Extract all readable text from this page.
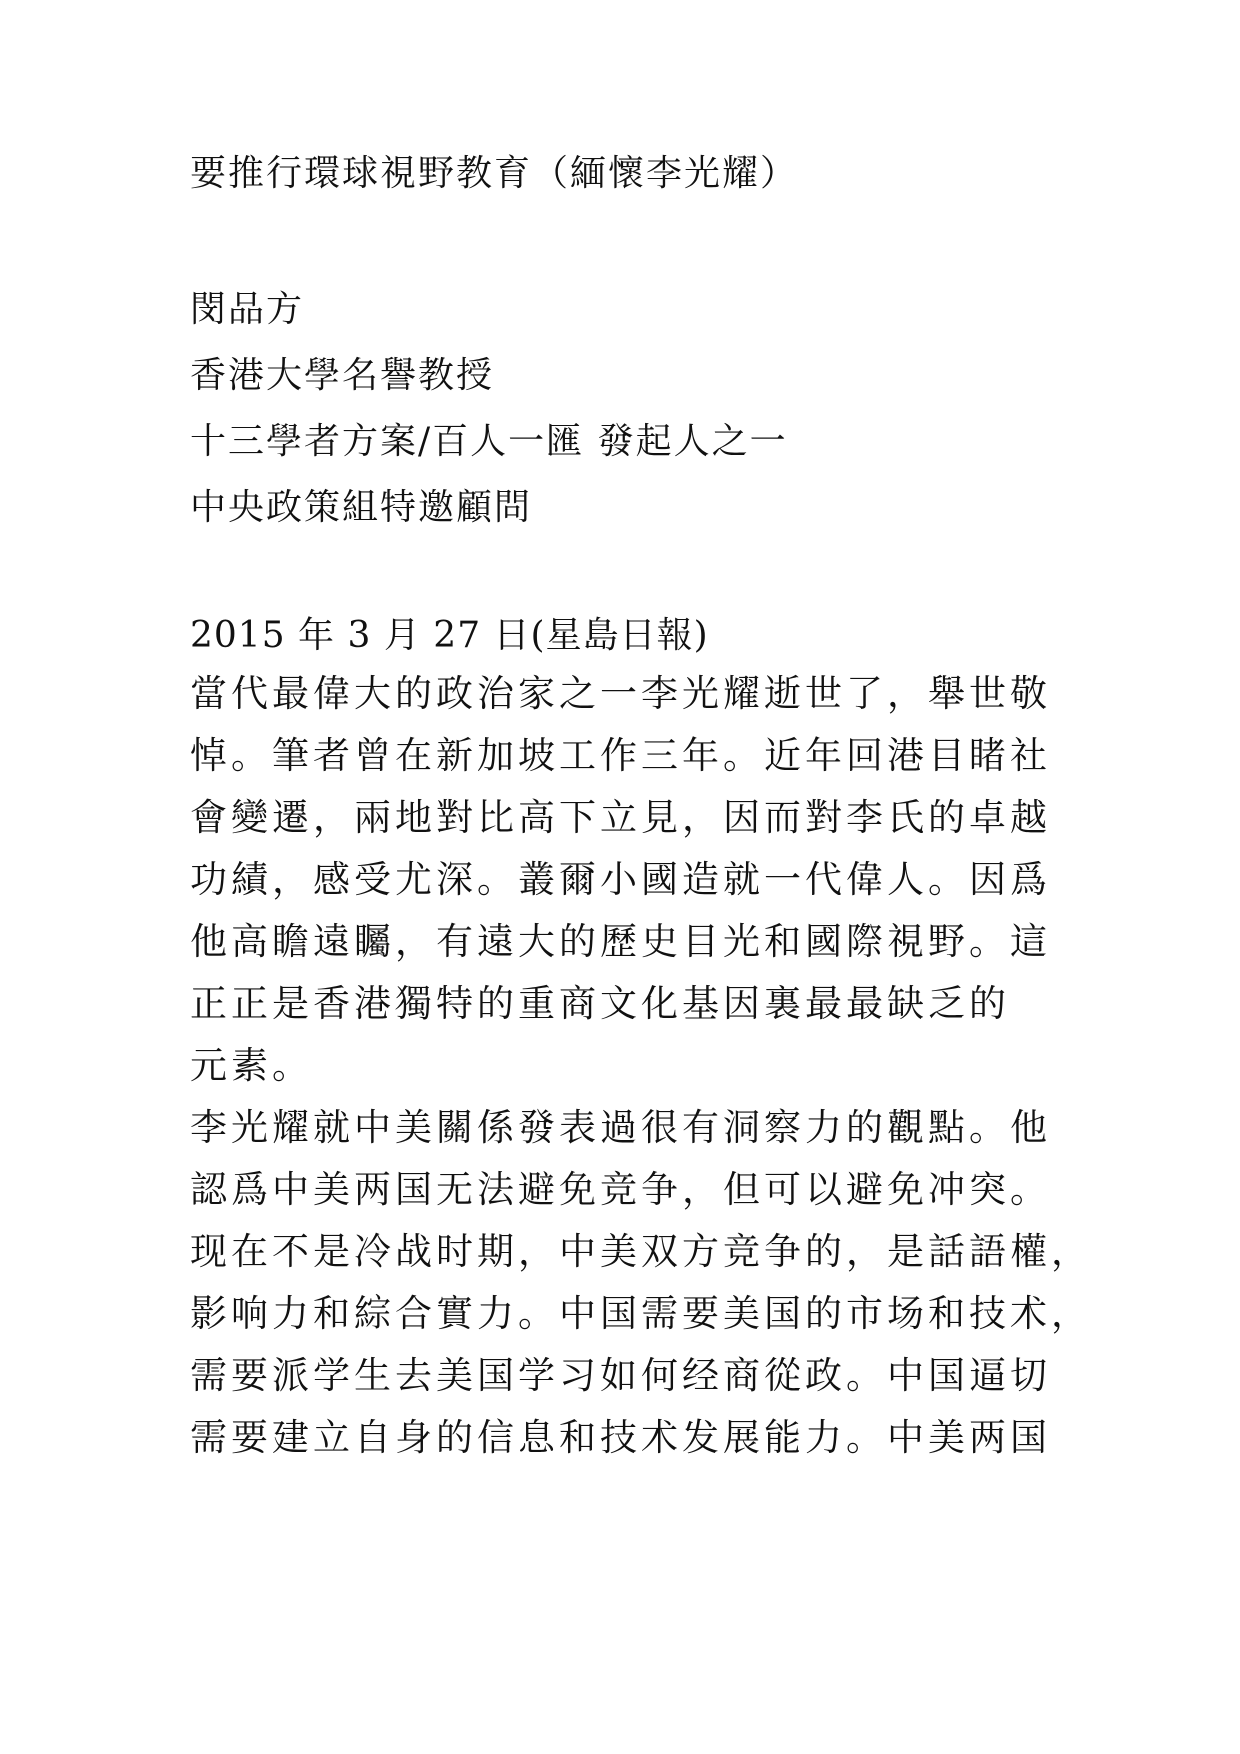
要推行環球視野教育（緬懷李光耀）
閔品方
香港大學名譽教授
十三學者方案/百人一匯 發起人之一
中央政策組特邀顧問
2015 年 3 月 27 日(星島日報)
當代最偉大的政治家之一李光耀逝世了，舉世敬
悼。筆者曾在新加坡工作三年。近年回港目睹社
會變遷，兩地對比高下立見，因而對李氏的卓越
功績，感受尤深。叢爾小國造就一代偉人。因爲
他高瞻遠矚，有遠大的歷史目光和國際視野。這
正正是香港獨特的重商文化基因裏最最缺乏的
元素。
李光耀就中美關係發表過很有洞察力的觀點。他
認爲中美两国无法避免竞争，但可以避免冲突。
现在不是冷战时期，中美双方竞争的，是話語權，
影响力和綜合實力。中国需要美国的市场和技术，
需要派学生去美国学习如何经商從政。中国逼切
需要建立自身的信息和技术发展能力。中美两国
